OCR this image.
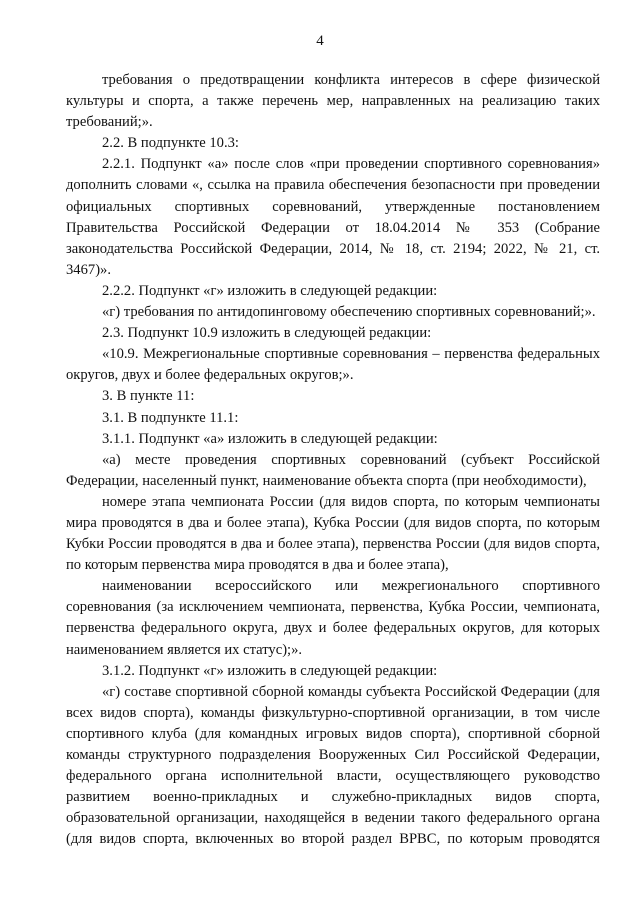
4

требования о предотвращении конфликта интересов в сфере физической культуры и спорта, а также перечень мер, направленных на реализацию таких требований;».

2.2. В подпункте 10.3:

2.2.1. Подпункт «а» после слов «при проведении спортивного соревнования» дополнить словами «, ссылка на правила обеспечения безопасности при проведении официальных спортивных соревнований, утвержденные постановлением Правительства Российской Федерации от 18.04.2014 № 353 (Собрание законодательства Российской Федерации, 2014, № 18, ст. 2194; 2022, № 21, ст. 3467)».

2.2.2. Подпункт «г» изложить в следующей редакции:

«г) требования по антидопинговому обеспечению спортивных соревнований;».

2.3. Подпункт 10.9 изложить в следующей редакции:

«10.9. Межрегиональные спортивные соревнования – первенства федеральных округов, двух и более федеральных округов;».

3. В пункте 11:

3.1. В подпункте 11.1:

3.1.1. Подпункт «а» изложить в следующей редакции:

«а) месте проведения спортивных соревнований (субъект Российской Федерации, населенный пункт, наименование объекта спорта (при необходимости),

номере этапа чемпионата России (для видов спорта, по которым чемпионаты мира проводятся в два и более этапа), Кубка России (для видов спорта, по которым Кубки России проводятся в два и более этапа), первенства России (для видов спорта, по которым первенства мира проводятся в два и более этапа),

наименовании всероссийского или межрегионального спортивного соревнования (за исключением чемпионата, первенства, Кубка России, чемпионата, первенства федерального округа, двух и более федеральных округов, для которых наименованием является их статус);».

3.1.2. Подпункт «г» изложить в следующей редакции:

«г) составе спортивной сборной команды субъекта Российской Федерации (для всех видов спорта), команды физкультурно-спортивной организации, в том числе спортивного клуба (для командных игровых видов спорта), спортивной сборной команды структурного подразделения Вооруженных Сил Российской Федерации, федерального органа исполнительной власти, осуществляющего руководство развитием военно-прикладных и служебно-прикладных видов спорта, образовательной организации, находящейся в ведении такого федерального органа (для видов спорта, включенных во второй раздел ВРВС, по которым проводятся
